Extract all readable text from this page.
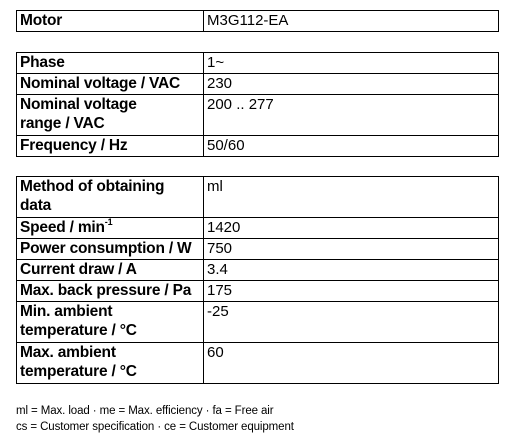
Motor	M3G112-EA
Phase	1~
Nominal voltage / VAC	230
Nominal voltage
range / VAC	200 .. 277
Frequency / Hz	50/60
Method of obtaining
data	ml
Speed / $\min^{-1}$	1420
Power consumption / W	750
Current draw / A	3.4
Max. back pressure / Pa	175
Min. ambient
temperature / °C	-25
Max. ambient
temperature / °C	60
ml = Max. load · me = Max. efficiency · fa = Free air
cs = Customer specification · ce = Customer equipment
